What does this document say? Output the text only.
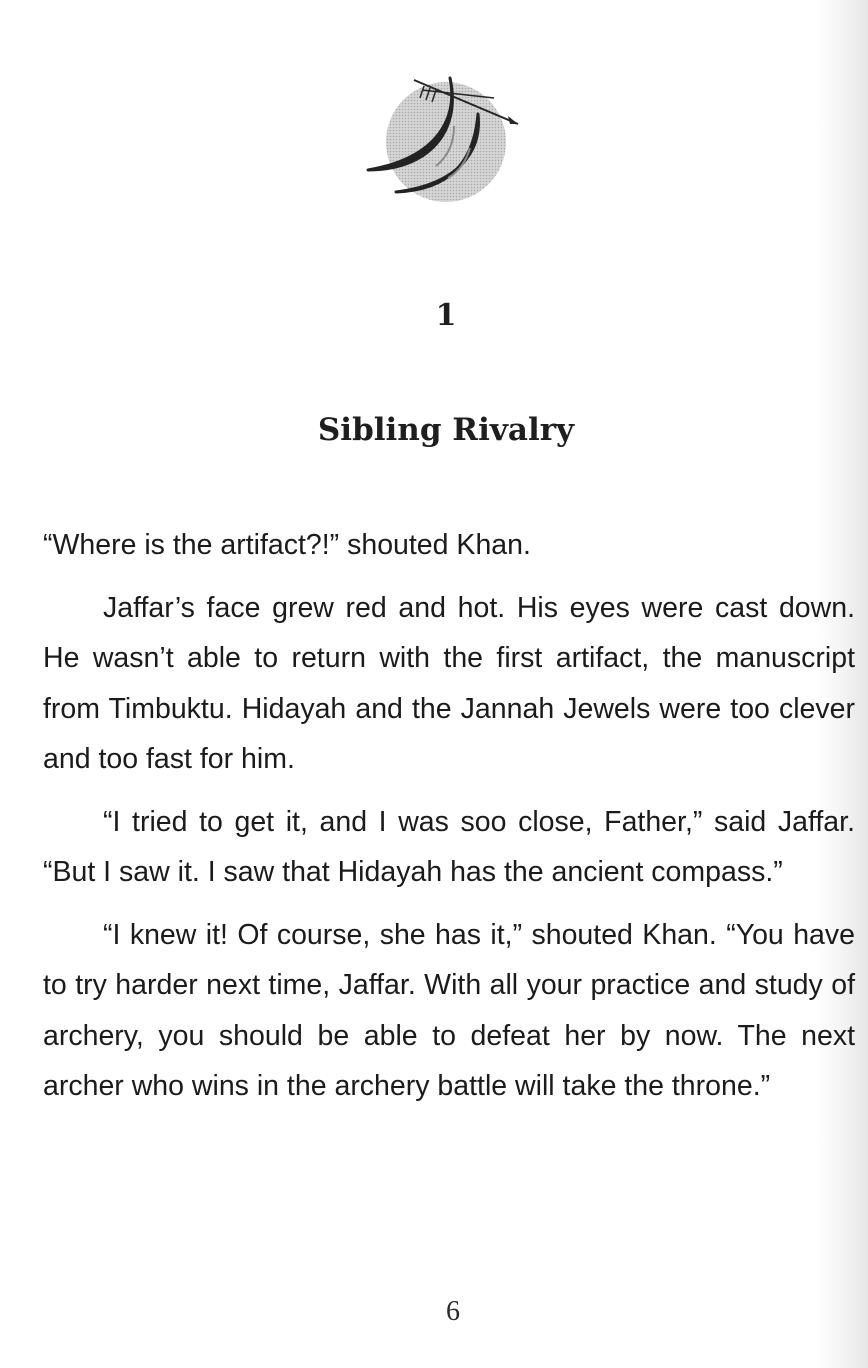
1
Sibling Rivalry

“Where is the artifact?!” shouted Khan.

Jaffar’s face grew red and hot. His eyes were cast down. He wasn’t able to return with the first artifact, the manuscript from Timbuktu. Hidayah and the Jannah Jewels were too clever and too fast for him.

“I tried to get it, and I was soo close, Father,” said Jaffar. “But I saw it. I saw that Hidayah has the ancient compass.”

“I knew it! Of course, she has it,” shouted Khan. “You have to try harder next time, Jaffar. With all your practice and study of archery, you should be able to defeat her by now. The next archer who wins in the archery battle will take the throne.”

6
